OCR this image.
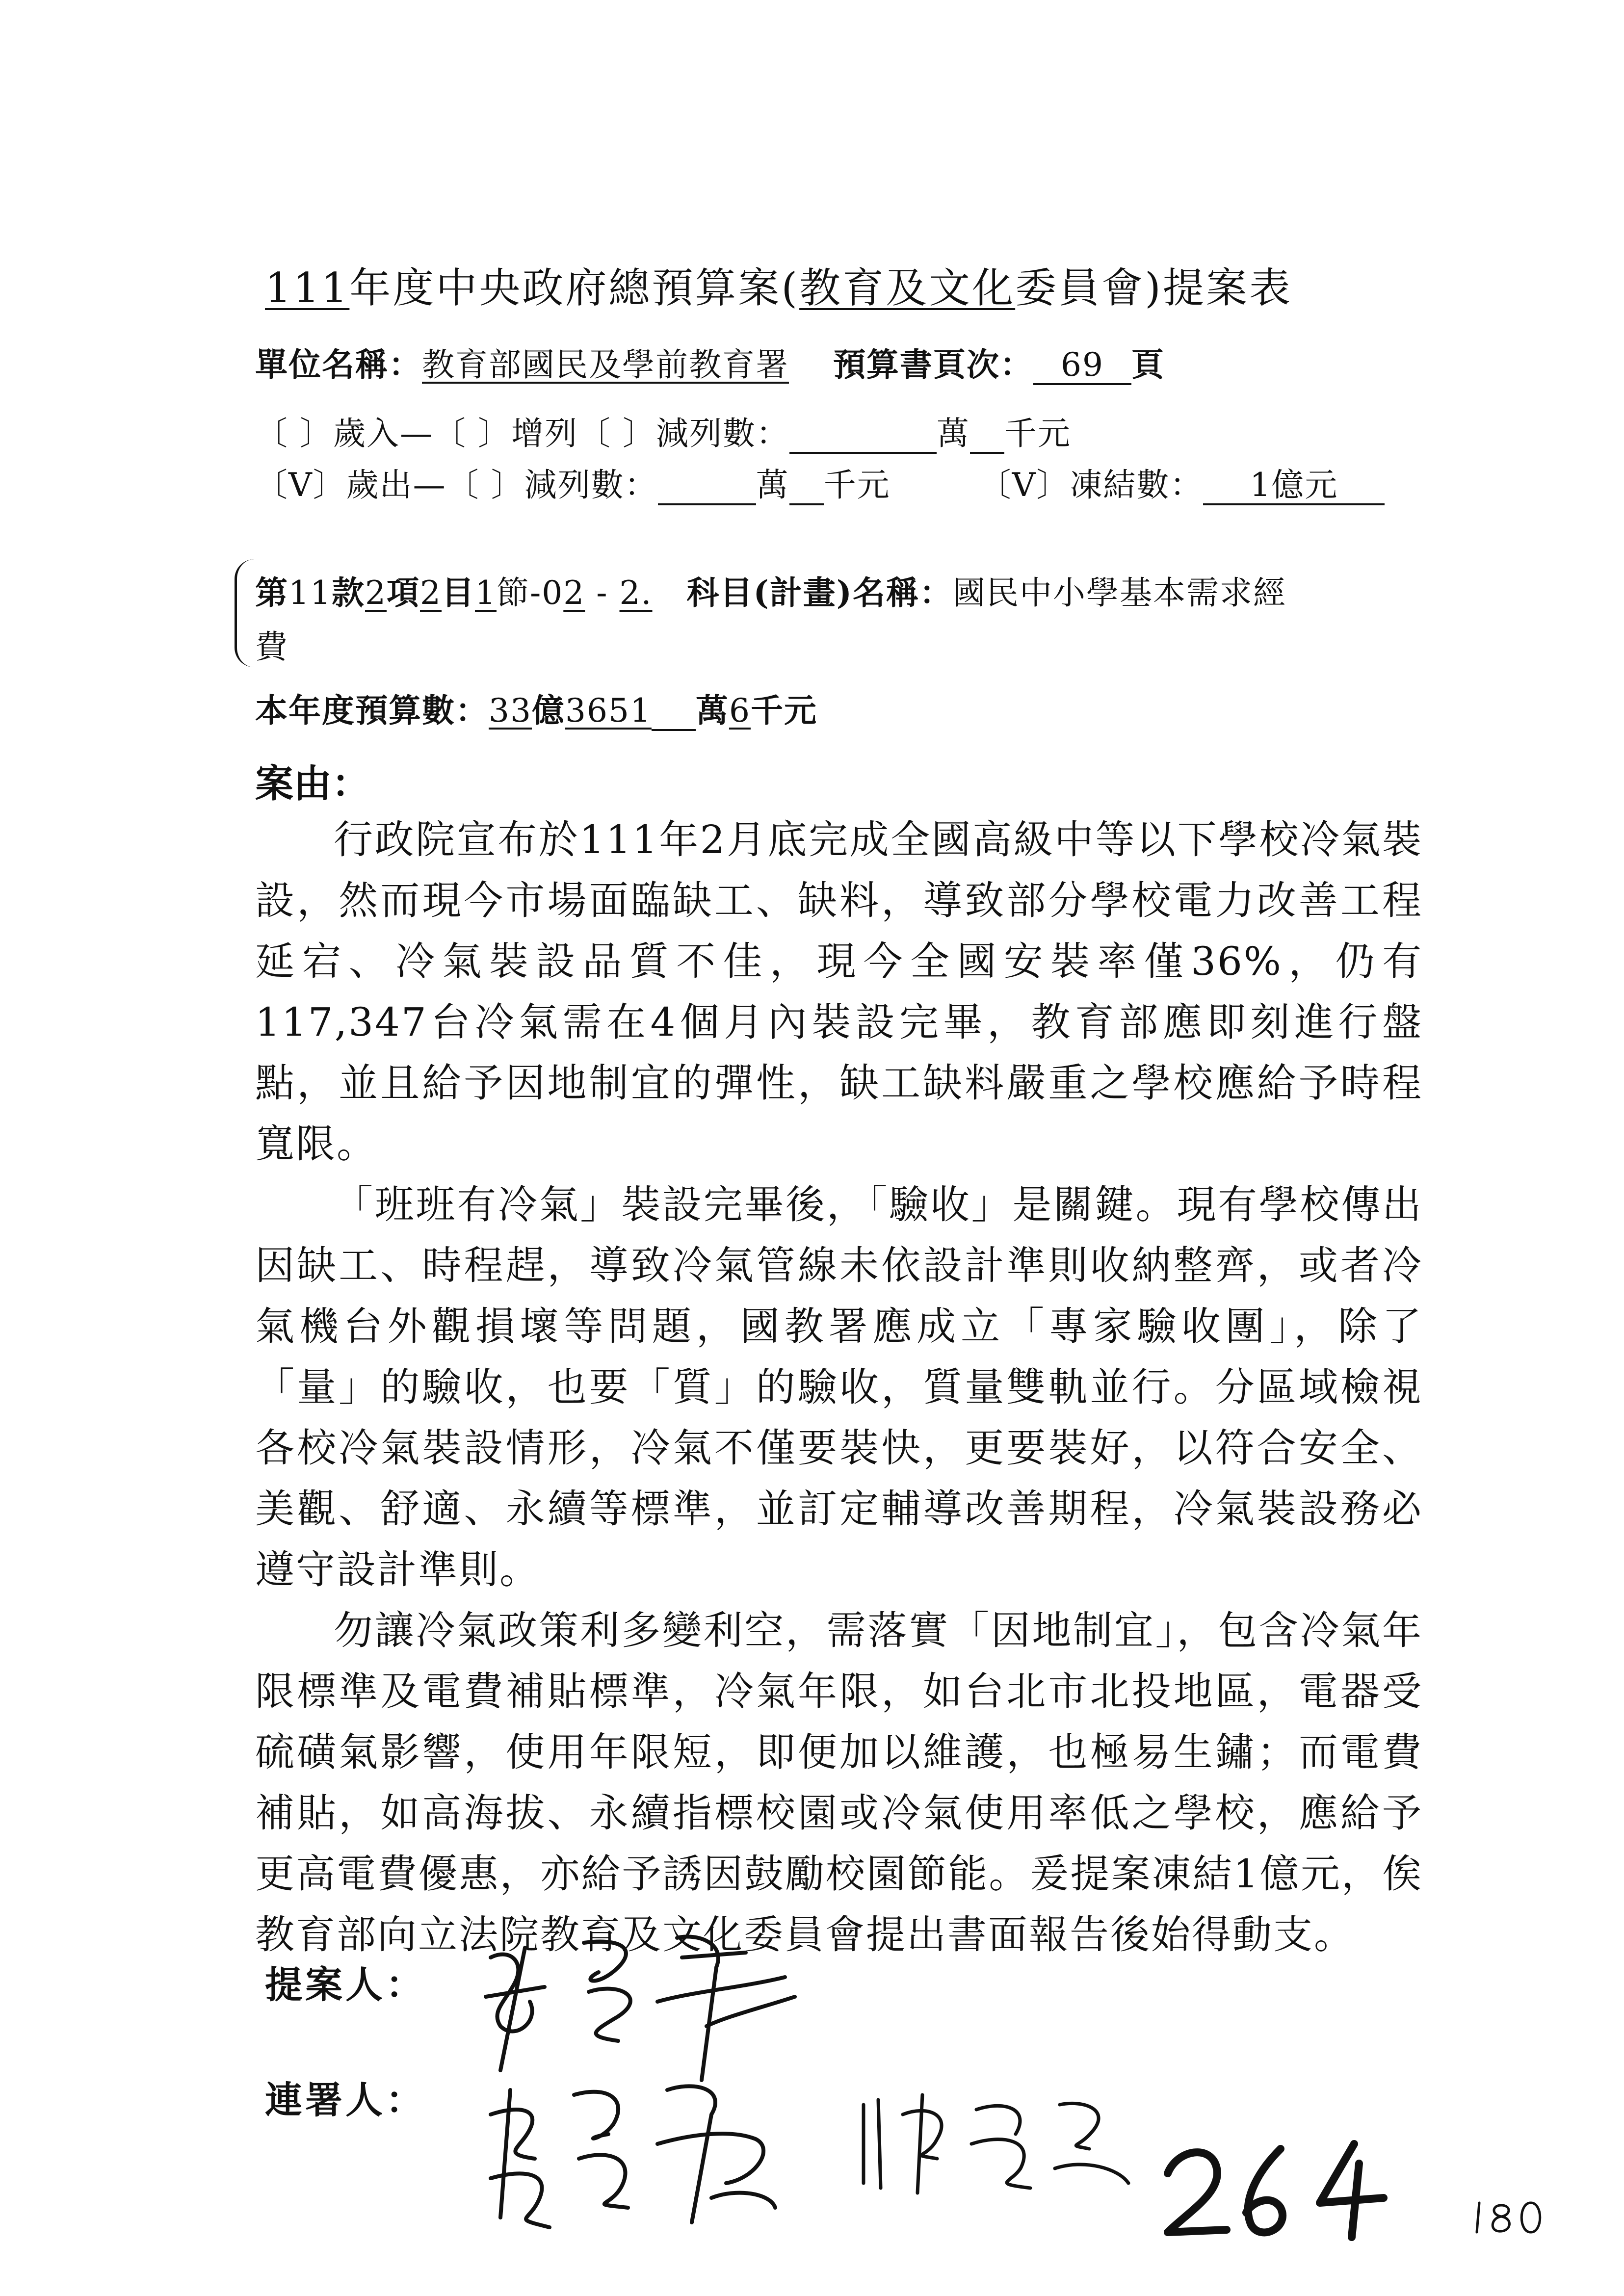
111年度中央政府總預算案(教育及文化委員會)提案表
單位名稱：教育部國民及學前教育署 預算書頁次： 69 頁
〔 〕歲入—〔 〕增列〔 〕減列數：	萬 千元
〔V〕歲出—〔 〕減列數：	萬 千元	〔V〕凍結數： 1億元
第11款2項2目1節-02 - 2. 科目(計畫)名稱：國民中小學基本需求經
費
本年度預算數：33億3651 萬6千元
案由：

行政院宣布於111年2月底完成全國高級中等以下學校冷氣裝設，然而現今市場面臨缺工、缺料，導致部分學校電力改善工程延宕、冷氣裝設品質不佳，現今全國安裝率僅36%，仍有117,347台冷氣需在4個月內裝設完畢，教育部應即刻進行盤點，並且給予因地制宜的彈性，缺工缺料嚴重之學校應給予時程寬限。

「班班有冷氣」裝設完畢後，「驗收」是關鍵。現有學校傳出因缺工、時程趕，導致冷氣管線未依設計準則收納整齊，或者冷氣機台外觀損壞等問題，國教署應成立「專家驗收團」，除了「量」的驗收，也要「質」的驗收，質量雙軌並行。分區域檢視各校冷氣裝設情形，冷氣不僅要裝快，更要裝好，以符合安全、美觀、舒適、永續等標準，並訂定輔導改善期程，冷氣裝設務必遵守設計準則。

勿讓冷氣政策利多變利空，需落實「因地制宜」，包含冷氣年限標準及電費補貼標準，冷氣年限，如台北市北投地區，電器受硫磺氣影響，使用年限短，即便加以維護，也極易生鏽；而電費補貼，如高海拔、永續指標校園或冷氣使用率低之學校，應給予更高電費優惠，亦給予誘因鼓勵校園節能。爰提案凍結1億元，俟教育部向立法院教育及文化委員會提出書面報告後始得動支。

提案人：
連署人：
